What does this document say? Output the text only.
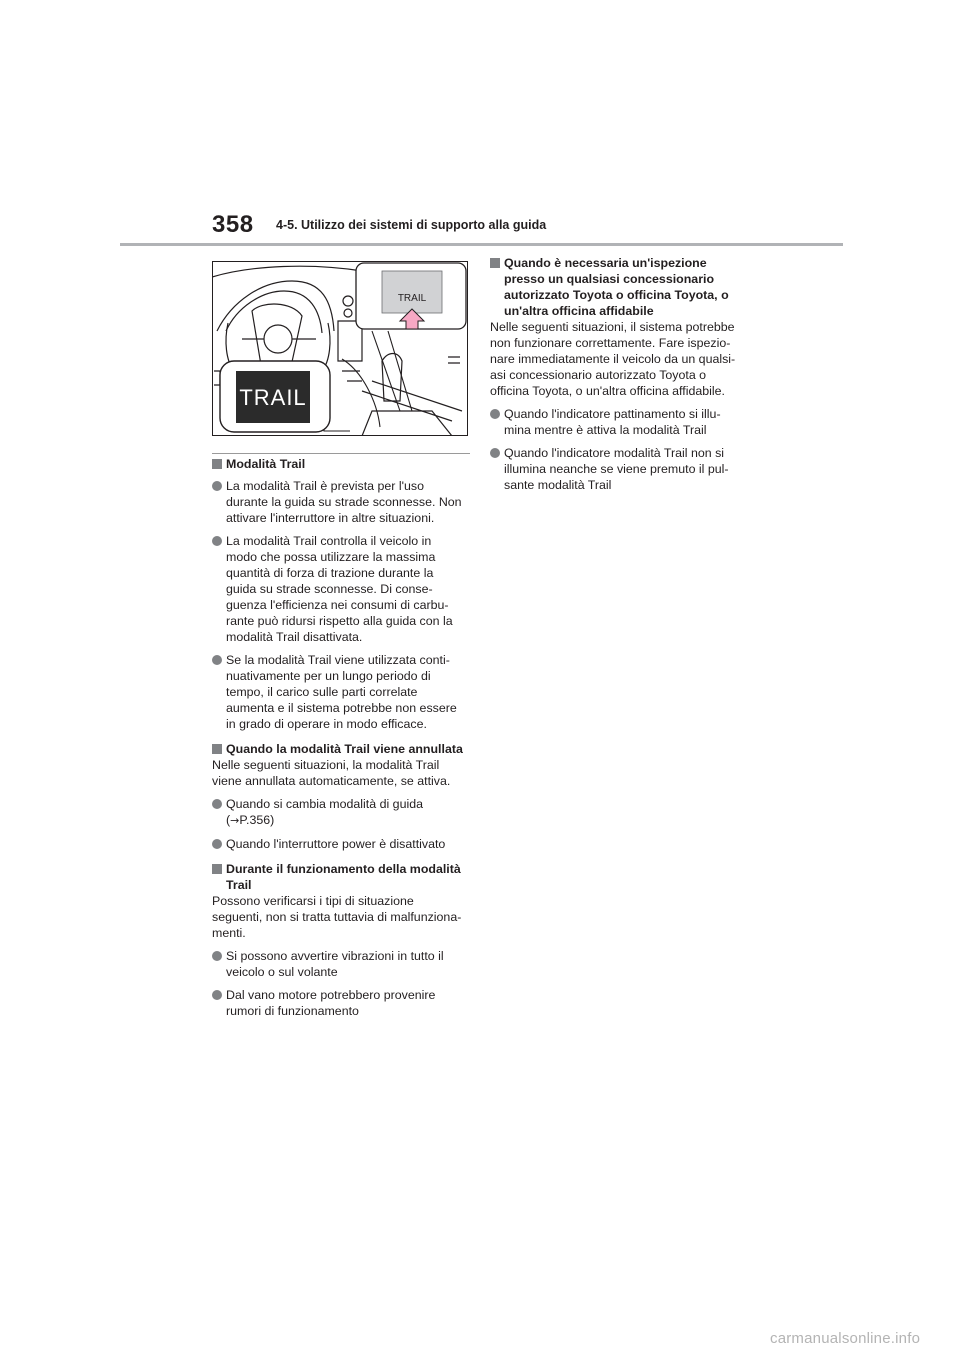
358 4-5. Utilizzo dei sistemi di supporto alla guida
TRAIL
TRAIL
Modalità Trail
La modalità Trail è prevista per l'uso
durante la guida su strade sconnesse. Non
attivare l'interruttore in altre situazioni.
La modalità Trail controlla il veicolo in
modo che possa utilizzare la massima
quantità di forza di trazione durante la
guida su strade sconnesse. Di conse-
guenza l'efficienza nei consumi di carbu-
rante può ridursi rispetto alla guida con la
modalità Trail disattivata.
Se la modalità Trail viene utilizzata conti-
nuativamente per un lungo periodo di
tempo, il carico sulle parti correlate
aumenta e il sistema potrebbe non essere
in grado di operare in modo efficace.
Quando la modalità Trail viene annullata

Nelle seguenti situazioni, la modalità Trail
viene annullata automaticamente, se attiva.

Quando si cambia modalità di guida
(→P.356)
Quando l'interruttore power è disattivato
Durante il funzionamento della modalità
Trail

Possono verificarsi i tipi di situazione
seguenti, non si tratta tuttavia di malfunziona-
menti.

Si possono avvertire vibrazioni in tutto il
veicolo o sul volante
Dal vano motore potrebbero provenire
rumori di funzionamento
Quando è necessaria un'ispezione
presso un qualsiasi concessionario
autorizzato Toyota o officina Toyota, o
un'altra officina affidabile

Nelle seguenti situazioni, il sistema potrebbe
non funzionare correttamente. Fare ispezio-
nare immediatamente il veicolo da un qualsi-
asi concessionario autorizzato Toyota o
officina Toyota, o un'altra officina affidabile.

Quando l'indicatore pattinamento si illu-
mina mentre è attiva la modalità Trail
Quando l'indicatore modalità Trail non si
illumina neanche se viene premuto il pul-
sante modalità Trail
carmanualsonline.info
